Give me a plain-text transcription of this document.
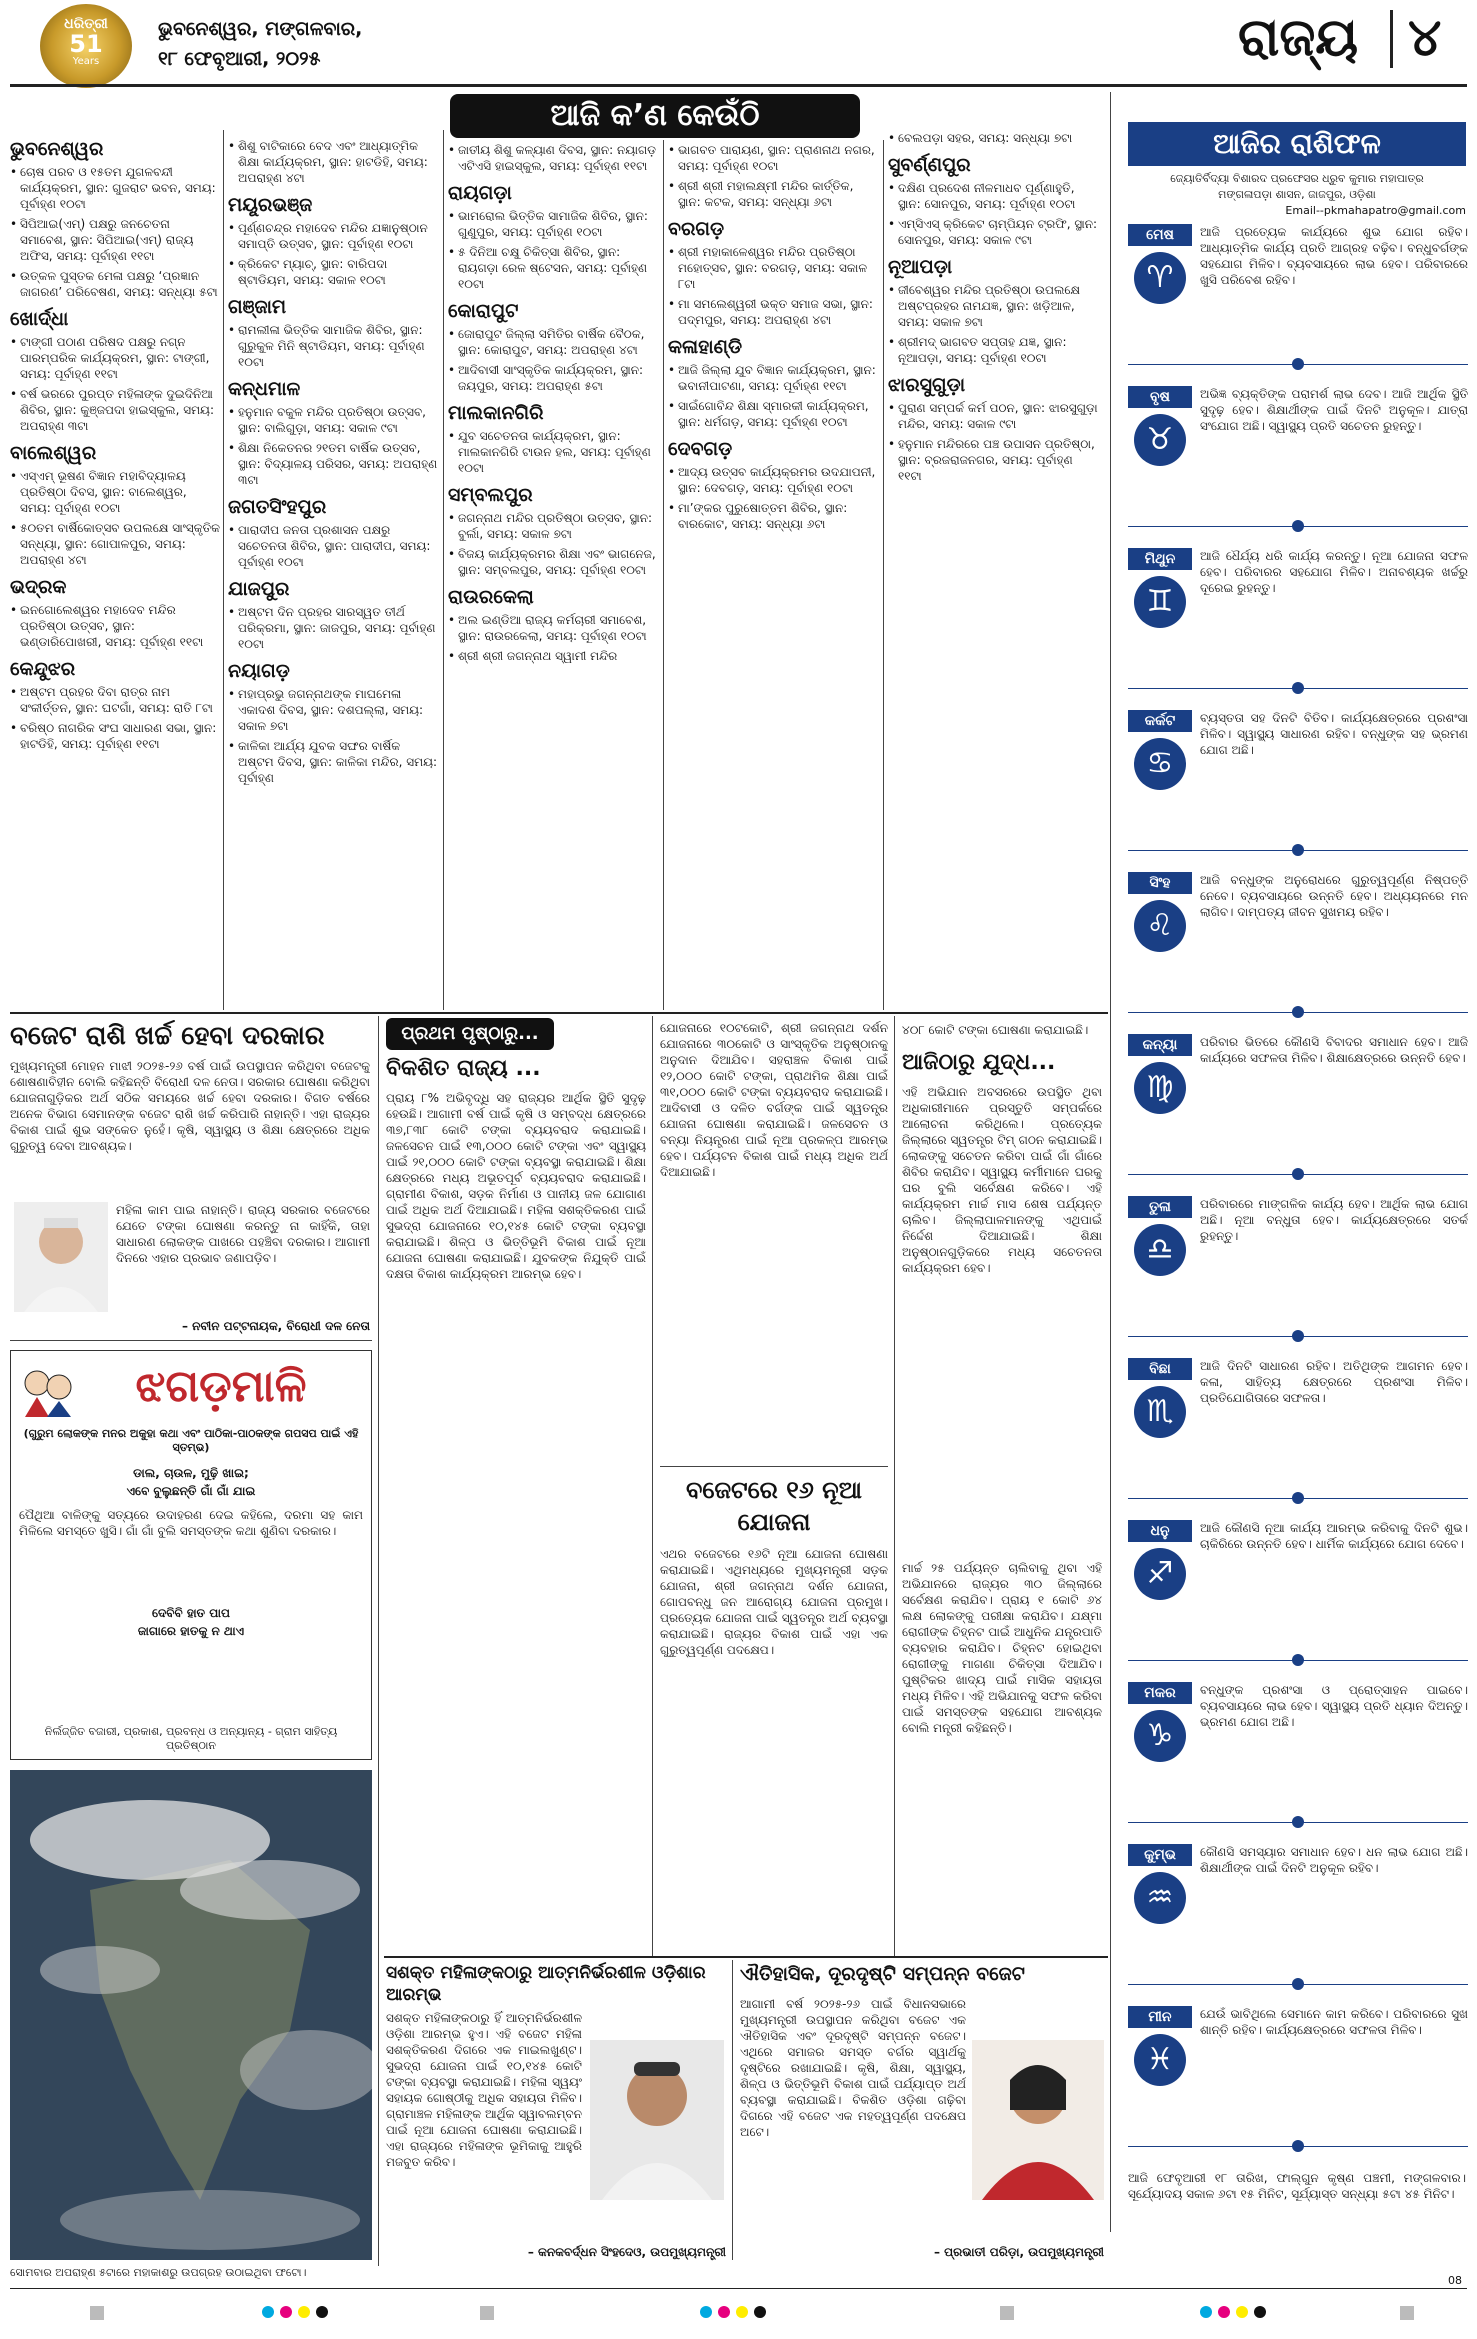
ଧରିତ୍ରୀ
51
Years
ଭୁବନେଶ୍ୱର, ମଙ୍ଗଳବାର,
୧୮ ଫେବୃଆରୀ, ୨୦୨୫	ରାଜ୍ୟ ୪
ଆଜି କ’ଣ କେଉଁଠି
ଭୁବନେଶ୍ୱର
• ଚୋଷ ପରବ ଓ ୧୫ତମ ଯୁଗଳବନ୍ଦୀ କାର୍ଯ୍ୟକ୍ରମ, ସ୍ଥାନ: ଗୁଜରାଟ ଭବନ, ସମୟ: ପୂର୍ବାହ୍ଣ ୧୦ଟା
• ସିପିଆଇ(ଏମ୍) ପକ୍ଷରୁ ଜନଚେତନା ସମାବେଶ, ସ୍ଥାନ: ସିପିଆଇ(ଏମ୍) ରାଜ୍ୟ ଅଫିସ, ସମୟ: ପୂର୍ବାହ୍ଣ ୧୧ଟା
• ଉତ୍କଳ ପୁସ୍ତକ ମେଳା ପକ୍ଷରୁ ‘ପ୍ରଜ୍ଞାନ ଜାଗରଣ’ ପରିବେଷଣ, ସମୟ: ସନ୍ଧ୍ୟା ୫ଟା
ଖୋର୍ଦ୍ଧା
• ଟାଙ୍ଗୀ ପଠାଣ ପରିଷଦ ପକ୍ଷରୁ ନଗ୍ନ ପାରମ୍ପରିକ କାର୍ଯ୍ୟକ୍ରମ, ସ୍ଥାନ: ଟାଙ୍ଗୀ, ସମୟ: ପୂର୍ବାହ୍ଣ ୧୧ଟା
• ବର୍ଷ ଭରରେ ପୁରପ୍ତ ମହିଳାଙ୍କ ଦୁଇଦିନିଆ ଶିବିର, ସ୍ଥାନ: କୁଞ୍ଜପଦା ହାଇସ୍କୁଲ, ସମୟ: ଅପରାହ୍ଣ ୩ଟା
ବାଲେଶ୍ୱର
• ଏସ୍‌ଏମ୍ ଭୂଷଣ ବିଜ୍ଞାନ ମହାବିଦ୍ୟାଳୟ ପ୍ରତିଷ୍ଠା ଦିବସ, ସ୍ଥାନ: ବାଲେଶ୍ୱର, ସମୟ: ପୂର୍ବାହ୍ଣ ୧୦ଟା
• ୫୦ତମ ବାର୍ଷିକୋତ୍ସବ ଉପଲକ୍ଷେ ସାଂସ୍କୃତିକ ସନ୍ଧ୍ୟା, ସ୍ଥାନ: ଗୋପାଳପୁର, ସମୟ: ଅପରାହ୍ଣ ୪ଟା
ଭଦ୍ରକ
• ଇନଗୋଲେଶ୍ୱର ମହାଦେବ ମନ୍ଦିର ପ୍ରତିଷ୍ଠା ଉତ୍ସବ, ସ୍ଥାନ: ଭଣ୍ଡାରିପୋଖରୀ, ସମୟ: ପୂର୍ବାହ୍ଣ ୧୧ଟା
କେନ୍ଦୁଝର
• ଅଷ୍ଟମ ପ୍ରହର ଦିବା ରାତ୍ର ନାମ ସଂକୀର୍ତ୍ତନ, ସ୍ଥାନ: ଘଟଗାଁ, ସମୟ: ରାତି ୮ଟା
• ବରିଷ୍ଠ ନାଗରିକ ସଂଘ ସାଧାରଣ ସଭା, ସ୍ଥାନ: ହାଟଡିହି, ସମୟ: ପୂର୍ବାହ୍ଣ ୧୧ଟା
• ଶିଶୁ ବାଟିକାରେ ବେଦ ଏବଂ ଆଧ୍ୟାତ୍ମିକ ଶିକ୍ଷା କାର୍ଯ୍ୟକ୍ରମ, ସ୍ଥାନ: ହାଟଡିହି, ସମୟ: ଅପରାହ୍ଣ ୪ଟା
ମୟୂରଭଞ୍ଜ
• ପୂର୍ଣ୍ଣଚନ୍ଦ୍ର ମହାଦେବ ମନ୍ଦିର ଯଜ୍ଞାନୁଷ୍ଠାନ ସମାପ୍ତି ଉତ୍ସବ, ସ୍ଥାନ: ପୂର୍ବାହ୍ଣ ୧୦ଟା
• କ୍ରିକେଟ ମ୍ୟାଚ୍, ସ୍ଥାନ: ବାରିପଦା ଷ୍ଟାଡିୟମ, ସମୟ: ସକାଳ ୧୦ଟା
ଗଞ୍ଜାମ
• ରାମଲୀଳା ଭିତ୍ତିକ ସାମାଜିକ ଶିବିର, ସ୍ଥାନ: ଗୁରୁକୁଳ ମିନି ଷ୍ଟାଡିୟମ, ସମୟ: ପୂର୍ବାହ୍ଣ ୧୦ଟା
କନ୍ଧମାଳ
• ହନୁମାନ ବକୁଳ ମନ୍ଦିର ପ୍ରତିଷ୍ଠା ଉତ୍ସବ, ସ୍ଥାନ: ବାଲିଗୁଡ଼ା, ସମୟ: ସକାଳ ୯ଟା
• ଶିକ୍ଷା ନିକେତନର ୨୧ତମ ବାର୍ଷିକ ଉତ୍ସବ, ସ୍ଥାନ: ବିଦ୍ୟାଳୟ ପରିସର, ସମୟ: ଅପରାହ୍ଣ ୩ଟା
ଜଗତସିଂହପୁର
• ପାରାଦୀପ ଜନତା ପ୍ରଶାସନ ପକ୍ଷରୁ ସଚେତନତା ଶିବିର, ସ୍ଥାନ: ପାରାଦୀପ, ସମୟ: ପୂର୍ବାହ୍ଣ ୧୦ଟା
ଯାଜପୁର
• ଅଷ୍ଟମ ଦିନ ପ୍ରହର ସାରସ୍ୱତ ତୀର୍ଥ ପରିକ୍ରମା, ସ୍ଥାନ: ଜାଜପୁର, ସମୟ: ପୂର୍ବାହ୍ଣ ୧୦ଟା
ନୟାଗଡ଼
• ମହାପ୍ରଭୁ ଜଗନ୍ନାଥଙ୍କ ମାଘମେଳା ଏକାଦଶ ଦିବସ, ସ୍ଥାନ: ଦଶପଲ୍ଲା, ସମୟ: ସକାଳ ୭ଟା
• କାଳିକା ଆର୍ଯ୍ୟ ଯୁବକ ସଙ୍ଘର ବାର୍ଷିକ ଅଷ୍ଟମ ଦିବସ, ସ୍ଥାନ: କାଳିକା ମନ୍ଦିର, ସମୟ: ପୂର୍ବାହ୍ଣ
• ଜାତୀୟ ଶିଶୁ କଳ୍ୟାଣ ଦିବସ, ସ୍ଥାନ: ନୟାଗଡ଼ ଏଟିଏସି ହାଇସ୍କୁଲ, ସମୟ: ପୂର୍ବାହ୍ଣ ୧୧ଟା
ରାୟଗଡ଼ା
• ଭାମରୋଲ ଭିତ୍ତିକ ସାମାଜିକ ଶିବିର, ସ୍ଥାନ: ଗୁଣୁପୁର, ସମୟ: ପୂର୍ବାହ୍ଣ ୧୦ଟା
• ୫ ଦିନିଆ ଚକ୍ଷୁ ଚିକିତ୍ସା ଶିବିର, ସ୍ଥାନ: ରାୟଗଡ଼ା ରେଳ ଷ୍ଟେସନ, ସମୟ: ପୂର୍ବାହ୍ଣ ୧୦ଟା
କୋରାପୁଟ
• ଜୋରାପୁଟ ଜିଲ୍ଲା ସମିତିର ବାର୍ଷିକ ବୈଠକ, ସ୍ଥାନ: କୋରାପୁଟ, ସମୟ: ଅପରାହ୍ଣ ୪ଟା
• ଆଦିବାସୀ ସାଂସ୍କୃତିକ କାର୍ଯ୍ୟକ୍ରମ, ସ୍ଥାନ: ଜୟପୁର, ସମୟ: ଅପରାହ୍ଣ ୫ଟା
ମାଲକାନଗିରି
• ଯୁବ ସଚେତନତା କାର୍ଯ୍ୟକ୍ରମ, ସ୍ଥାନ: ମାଲକାନଗିରି ଟାଉନ ହଲ, ସମୟ: ପୂର୍ବାହ୍ଣ ୧୦ଟା
ସମ୍ବଲପୁର
• ଜଗନ୍ନାଥ ମନ୍ଦିର ପ୍ରତିଷ୍ଠା ଉତ୍ସବ, ସ୍ଥାନ: ବୁର୍ଲା, ସମୟ: ସକାଳ ୭ଟା
• ବିଜୟ କାର୍ଯ୍ୟକ୍ରମର ଶିକ୍ଷା ଏବଂ ଭାଗନେଜ, ସ୍ଥାନ: ସମ୍ବଲପୁର, ସମୟ: ପୂର୍ବାହ୍ଣ ୧୦ଟା
ରାଉରକେଲା
• ଅଲ ଇଣ୍ଡିଆ ରାଜ୍ୟ କର୍ମଚାରୀ ସମାବେଶ, ସ୍ଥାନ: ରାଉରକେଲା, ସମୟ: ପୂର୍ବାହ୍ଣ ୧୦ଟା
• ଶ୍ରୀ ଶ୍ରୀ ଜଗନ୍ନାଥ ସ୍ୱାମୀ ମନ୍ଦିର
• ଭାଗବତ ପାରାୟଣ, ସ୍ଥାନ: ପ୍ରାଣନାଥ ନଗର, ସମୟ: ପୂର୍ବାହ୍ଣ ୧୦ଟା
• ଶ୍ରୀ ଶ୍ରୀ ମହାଲକ୍ଷ୍ମୀ ମନ୍ଦିର କାର୍ତ୍ତିକ, ସ୍ଥାନ: କଟକ, ସମୟ: ସନ୍ଧ୍ୟା ୬ଟା
ବରଗଡ଼
• ଶ୍ରୀ ମହାକାଳେଶ୍ୱର ମନ୍ଦିର ପ୍ରତିଷ୍ଠା ମହୋତ୍ସବ, ସ୍ଥାନ: ବରଗଡ଼, ସମୟ: ସକାଳ ୮ଟା
• ମା ସମଲେଶ୍ୱରୀ ଭକ୍ତ ସମାଜ ସଭା, ସ୍ଥାନ: ପଦ୍ମପୁର, ସମୟ: ଅପରାହ୍ଣ ୪ଟା
କଳାହାଣ୍ଡି
• ଆଜି ଜିଲ୍ଲା ଯୁବ ବିଜ୍ଞାନ କାର୍ଯ୍ୟକ୍ରମ, ସ୍ଥାନ: ଭବାନୀପାଟଣା, ସମୟ: ପୂର୍ବାହ୍ଣ ୧୧ଟା
• ସାଇଁଗୋବିନ୍ଦ ଶିକ୍ଷା ସ୍ମାରକୀ କାର୍ଯ୍ୟକ୍ରମ, ସ୍ଥାନ: ଧର୍ମଗଡ଼, ସମୟ: ପୂର୍ବାହ୍ଣ ୧୦ଟା
ଦେବଗଡ଼
• ଆଦ୍ୟ ଉତ୍ସବ କାର୍ଯ୍ୟକ୍ରମର ଉଦଯାପନୀ, ସ୍ଥାନ: ଦେବଗଡ଼, ସମୟ: ପୂର୍ବାହ୍ଣ ୧୦ଟା
• ମା’ଙ୍କର ପୁରୁଷୋତ୍ତମ ଶିବିର, ସ୍ଥାନ: ବାରକୋଟ, ସମୟ: ସନ୍ଧ୍ୟା ୬ଟା
• ବେଲପଡ଼ା ସହର, ସମୟ: ସନ୍ଧ୍ୟା ୭ଟା
ସୁବର୍ଣ୍ଣପୁର
• ଦକ୍ଷିଣ ପ୍ରଦେଶ ନୀଳମାଧବ ପୂର୍ଣ୍ଣାହୁତି, ସ୍ଥାନ: ସୋନପୁର, ସମୟ: ପୂର୍ବାହ୍ଣ ୧୦ଟା
• ଏମ୍‌ସିଏସ୍ କ୍ରିକେଟ ଚାମ୍ପିୟନ ଟ୍ରଫି, ସ୍ଥାନ: ସୋନପୁର, ସମୟ: ସକାଳ ୯ଟା
ନୂଆପଡ଼ା
• ଜୀବେଶ୍ୱର ମନ୍ଦିର ପ୍ରତିଷ୍ଠା ଉପଲକ୍ଷେ ଅଷ୍ଟପ୍ରହର ନାମଯଜ୍ଞ, ସ୍ଥାନ: ଖଡ଼ିଆଳ, ସମୟ: ସକାଳ ୭ଟା
• ଶ୍ରୀମଦ୍ ଭାଗବତ ସପ୍ତାହ ଯଜ୍ଞ, ସ୍ଥାନ: ନୂଆପଡ଼ା, ସମୟ: ପୂର୍ବାହ୍ଣ ୧୦ଟା
ଝାରସୁଗୁଡ଼ା
• ପୁରାଣ ସମ୍ପର୍କ କର୍ମ ପଠନ, ସ୍ଥାନ: ଝାରସୁଗୁଡ଼ା ମନ୍ଦିର, ସମୟ: ସକାଳ ୯ଟା
• ହନୁମାନ ମନ୍ଦିରରେ ପଞ୍ଚ ଉପାସନ ପ୍ରତିଷ୍ଠା, ସ୍ଥାନ: ବ୍ରଜରାଜନଗର, ସମୟ: ପୂର୍ବାହ୍ଣ ୧୧ଟା
ଆଜିର ରାଶିଫଳ
ଜ୍ୟୋତିର୍ବିଦ୍ୟା ବିଶାରଦ ପ୍ରଫେସର ଧ୍ରୁବ କୁମାର ମହାପାତ୍ର
ମଙ୍ଗଳାପଡ଼ା ଶାସନ, ଜାଜପୁର, ଓଡ଼ିଶା
Email--pkmahapatro@gmail.com
ମେଷ
♈
ଆଜି ପ୍ରତ୍ୟେକ କାର୍ଯ୍ୟରେ ଶୁଭ ଯୋଗ ରହିବ। ଆଧ୍ୟାତ୍ମିକ କାର୍ଯ୍ୟ ପ୍ରତି ଆଗ୍ରହ ବଢ଼ିବ। ବନ୍ଧୁବର୍ଗଙ୍କ ସହଯୋଗ ମିଳିବ। ବ୍ୟବସାୟରେ ଲାଭ ହେବ। ପରିବାରରେ ଖୁସି ପରିବେଶ ରହିବ।
ବୃଷ
♉
ଅଭିଜ୍ଞ ବ୍ୟକ୍ତିଙ୍କ ପରାମର୍ଶ ଲାଭ ଦେବ। ଆଜି ଆର୍ଥିକ ସ୍ଥିତି ସୁଦୃଢ଼ ହେବ। ଶିକ୍ଷାର୍ଥୀଙ୍କ ପାଇଁ ଦିନଟି ଅନୁକୂଳ। ଯାତ୍ରା ସଂଯୋଗ ଅଛି। ସ୍ୱାସ୍ଥ୍ୟ ପ୍ରତି ସଚେତନ ରୁହନ୍ତୁ।
ମିଥୁନ
♊
ଆଜି ଧୈର୍ଯ୍ୟ ଧରି କାର୍ଯ୍ୟ କରନ୍ତୁ। ନୂଆ ଯୋଜନା ସଫଳ ହେବ। ପରିବାରର ସହଯୋଗ ମିଳିବ। ଅନାବଶ୍ୟକ ଖର୍ଚ୍ଚରୁ ଦୂରେଇ ରୁହନ୍ତୁ।
କର୍କଟ
♋
ବ୍ୟସ୍ତତା ସହ ଦିନଟି ବିତିବ। କାର୍ଯ୍ୟକ୍ଷେତ୍ରରେ ପ୍ରଶଂସା ମିଳିବ। ସ୍ୱାସ୍ଥ୍ୟ ସାଧାରଣ ରହିବ। ବନ୍ଧୁଙ୍କ ସହ ଭ୍ରମଣ ଯୋଗ ଅଛି।
ସିଂହ
♌
ଆଜି ବନ୍ଧୁଙ୍କ ଅନୁରୋଧରେ ଗୁରୁତ୍ୱପୂର୍ଣ୍ଣ ନିଷ୍ପତ୍ତି ନେବେ। ବ୍ୟବସାୟରେ ଉନ୍ନତି ହେବ। ଅଧ୍ୟୟନରେ ମନ ଲାଗିବ। ଦାମ୍ପତ୍ୟ ଜୀବନ ସୁଖମୟ ରହିବ।
କନ୍ୟା
♍
ପରିବାର ଭିତରେ କୌଣସି ବିବାଦର ସମାଧାନ ହେବ। ଆଜି କାର୍ଯ୍ୟରେ ସଫଳତା ମିଳିବ। ଶିକ୍ଷାକ୍ଷେତ୍ରରେ ଉନ୍ନତି ହେବ।
ତୁଳା
♎
ପରିବାରରେ ମାଙ୍ଗଳିକ କାର୍ଯ୍ୟ ହେବ। ଆର୍ଥିକ ଲାଭ ଯୋଗ ଅଛି। ନୂଆ ବନ୍ଧୁତା ହେବ। କାର୍ଯ୍ୟକ୍ଷେତ୍ରରେ ସତର୍କ ରୁହନ୍ତୁ।
ବିଛା
♏
ଆଜି ଦିନଟି ସାଧାରଣ ରହିବ। ଅତିଥିଙ୍କ ଆଗମନ ହେବ। କଳା, ସାହିତ୍ୟ କ୍ଷେତ୍ରରେ ପ୍ରଶଂସା ମିଳିବ। ପ୍ରତିଯୋଗିତାରେ ସଫଳତା।
ଧନୁ
♐
ଆଜି କୌଣସି ନୂଆ କାର୍ଯ୍ୟ ଆରମ୍ଭ କରିବାକୁ ଦିନଟି ଶୁଭ। ଚାକିରିରେ ଉନ୍ନତି ହେବ। ଧାର୍ମିକ କାର୍ଯ୍ୟରେ ଯୋଗ ଦେବେ।
ମକର
♑
ବନ୍ଧୁଙ୍କ ପ୍ରଶଂସା ଓ ପ୍ରୋତ୍ସାହନ ପାଇବେ। ବ୍ୟବସାୟରେ ଲାଭ ହେବ। ସ୍ୱାସ୍ଥ୍ୟ ପ୍ରତି ଧ୍ୟାନ ଦିଅନ୍ତୁ। ଭ୍ରମଣ ଯୋଗ ଅଛି।
କୁମ୍ଭ
♒
କୌଣସି ସମସ୍ୟାର ସମାଧାନ ହେବ। ଧନ ଲାଭ ଯୋଗ ଅଛି। ଶିକ୍ଷାର୍ଥୀଙ୍କ ପାଇଁ ଦିନଟି ଅନୁକୂଳ ରହିବ।
ମୀନ
♓
ଯେଉଁ ଭାବିଥିଲେ ସେମାନେ କାମ କରିବେ। ପରିବାରରେ ସୁଖ ଶାନ୍ତି ରହିବ। କାର୍ଯ୍ୟକ୍ଷେତ୍ରରେ ସଫଳତା ମିଳିବ।
ଆଜି ଫେବୃଆରୀ ୧୮ ତାରିଖ, ଫାଲ୍ଗୁନ କୃଷ୍ଣ ପଞ୍ଚମୀ, ମଙ୍ଗଳବାର। ସୂର୍ଯ୍ୟୋଦୟ ସକାଳ ୬ଟା ୧୫ ମିନିଟ, ସୂର୍ଯ୍ୟାସ୍ତ ସନ୍ଧ୍ୟା ୫ଟା ୪୫ ମିନିଟ।
ବଜେଟ ରାଶି ଖର୍ଚ୍ଚ ହେବା ଦରକାର
ମୁଖ୍ୟମନ୍ତ୍ରୀ ମୋହନ ମାଝୀ ୨୦୨୫-୨୬ ବର୍ଷ ପାଇଁ ଉପସ୍ଥାପନ କରିଥିବା ବଜେଟକୁ ଶୋଷଣାବିହୀନ ବୋଲି କହିଛନ୍ତି ବିରୋଧୀ ଦଳ ନେତା। ସରକାର ଘୋଷଣା କରିଥିବା ଯୋଜନାଗୁଡ଼ିକର ଅର୍ଥ ସଠିକ ସମୟରେ ଖର୍ଚ୍ଚ ହେବା ଦରକାର। ବିଗତ ବର୍ଷରେ ଅନେକ ବିଭାଗ ସେମାନଙ୍କ ବଜେଟ ରାଶି ଖର୍ଚ୍ଚ କରିପାରି ନାହାନ୍ତି। ଏହା ରାଜ୍ୟର ବିକାଶ ପାଇଁ ଶୁଭ ସଙ୍କେତ ନୁହେଁ। କୃଷି, ସ୍ୱାସ୍ଥ୍ୟ ଓ ଶିକ୍ଷା କ୍ଷେତ୍ରରେ ଅଧିକ ଗୁରୁତ୍ୱ ଦେବା ଆବଶ୍ୟକ।
ମହିଳା କାମ ପାଇ ନାହାନ୍ତି। ରାଜ୍ୟ ସରକାର ବଜେଟରେ ଯେତେ ଟଙ୍କା ଘୋଷଣା କରନ୍ତୁ ନା କାହିଁକି, ତାହା ସାଧାରଣ ଲୋକଙ୍କ ପାଖରେ ପହଞ୍ଚିବା ଦରକାର। ଆଗାମୀ ଦିନରେ ଏହାର ପ୍ରଭାବ ଜଣାପଡ଼ିବ।
– ନବୀନ ପଟ୍ଟନାୟକ, ବିରୋଧୀ ଦଳ ନେତା
ଝଗଡ଼ମାଳି
(ଗୁରୁମ ଲୋକଙ୍କ ମନର ଅକୁହା କଥା ଏବଂ ପାଠିକା-ପାଠକଙ୍କ ଗପସପ ପାଇଁ ଏହି ସ୍ତମ୍ଭ)
ଡାଲ, ଚାଉଳ, ମୁଢ଼ି ଖାଇ;
ଏବେ ବୁଲୁଛନ୍ତି ଗାଁ ଗାଁ ଯାଇ
ପୈଥିଆ ବାଳିଙ୍କୁ ସତ୍ୟରେ ଉଦାହରଣ ଦେଇ କହିଲେ, ଦରମା ସହ କାମ ମିଳିଲେ ସମସ୍ତେ ଖୁସି। ଗାଁ ଗାଁ ବୁଲି ସମସ୍ତଙ୍କ କଥା ଶୁଣିବା ଦରକାର।
ଦେବିବି ହାତ ପାପ
ଜାଗାରେ ହାତକୁ ନ ଥାଏ
ନିର୍ଲଜ୍ଜିତ ବଜାରୀ, ପ୍ରକାଶ, ପ୍ରବନ୍ଧ ଓ ଅନ୍ୟାନ୍ୟ - ଗ୍ରାମ ସାହିତ୍ୟ ପ୍ରତିଷ୍ଠାନ
ସୋମବାର ଅପରାହ୍ଣ ୫ଟାରେ ମହାକାଶରୁ ଉପଗ୍ରହ ଉଠାଇଥିବା ଫଟୋ।
ପ୍ରଥମ ପୃଷ୍ଠାରୁ...
ବିକଶିତ ରାଜ୍ୟ ...
ପ୍ରାୟ ୮% ଅଭିବୃଦ୍ଧି ସହ ରାଜ୍ୟର ଆର୍ଥିକ ସ୍ଥିତି ସୁଦୃଢ଼ ହେଉଛି। ଆଗାମୀ ବର୍ଷ ପାଇଁ କୃଷି ଓ ସମ୍ବଦ୍ଧ କ୍ଷେତ୍ରରେ ୩୭,୮୩୮ କୋଟି ଟଙ୍କା ବ୍ୟୟବରାଦ କରାଯାଇଛି। ଜଳସେଚନ ପାଇଁ ୧୩,୦୦୦ କୋଟି ଟଙ୍କା ଏବଂ ସ୍ୱାସ୍ଥ୍ୟ ପାଇଁ ୨୧,୦୦୦ କୋଟି ଟଙ୍କା ବ୍ୟବସ୍ଥା କରାଯାଇଛି। ଶିକ୍ଷା କ୍ଷେତ୍ରରେ ମଧ୍ୟ ଅଭୂତପୂର୍ବ ବ୍ୟୟବରାଦ କରାଯାଇଛି। ଗ୍ରାମୀଣ ବିକାଶ, ସଡ଼କ ନିର୍ମାଣ ଓ ପାନୀୟ ଜଳ ଯୋଗାଣ ପାଇଁ ଅଧିକ ଅର୍ଥ ଦିଆଯାଇଛି। ମହିଳା ସଶକ୍ତିକରଣ ପାଇଁ ସୁଭଦ୍ରା ଯୋଜନାରେ ୧୦,୧୪୫ କୋଟି ଟଙ୍କା ବ୍ୟବସ୍ଥା କରାଯାଇଛି। ଶିଳ୍ପ ଓ ଭିତ୍ତିଭୂମି ବିକାଶ ପାଇଁ ନୂଆ ଯୋଜନା ଘୋଷଣା କରାଯାଇଛି। ଯୁବକଙ୍କ ନିଯୁକ୍ତି ପାଇଁ ଦକ୍ଷତା ବିକାଶ କାର୍ଯ୍ୟକ୍ରମ ଆରମ୍ଭ ହେବ।
ଯୋଜନାରେ ୧୦ଟକୋଟି, ଶ୍ରୀ ଜଗନ୍ନାଥ ଦର୍ଶନ ଯୋଜନାରେ ୩୦କୋଟି ଓ ସାଂସ୍କୃତିକ ଅନୁଷ୍ଠାନକୁ ଅନୁଦାନ ଦିଆଯିବ। ସହରାଞ୍ଚଳ ବିକାଶ ପାଇଁ ୧୨,୦୦୦ କୋଟି ଟଙ୍କା, ପ୍ରାଥମିକ ଶିକ୍ଷା ପାଇଁ ୩୧,୦୦୦ କୋଟି ଟଙ୍କା ବ୍ୟୟବରାଦ କରାଯାଇଛି। ଆଦିବାସୀ ଓ ଦଳିତ ବର୍ଗଙ୍କ ପାଇଁ ସ୍ୱତନ୍ତ୍ର ଯୋଜନା ଘୋଷଣା କରାଯାଇଛି। ଜଳସେଚନ ଓ ବନ୍ୟା ନିୟନ୍ତ୍ରଣ ପାଇଁ ନୂଆ ପ୍ରକଳ୍ପ ଆରମ୍ଭ ହେବ। ପର୍ଯ୍ୟଟନ ବିକାଶ ପାଇଁ ମଧ୍ୟ ଅଧିକ ଅର୍ଥ ଦିଆଯାଇଛି।
ବଜେଟରେ ୧୬ ନୂଆ ଯୋଜନା
ଏଥର ବଜେଟରେ ୧୬ଟି ନୂଆ ଯୋଜନା ଘୋଷଣା କରାଯାଇଛି। ଏଥିମଧ୍ୟରେ ମୁଖ୍ୟମନ୍ତ୍ରୀ ସଡ଼କ ଯୋଜନା, ଶ୍ରୀ ଜଗନ୍ନାଥ ଦର୍ଶନ ଯୋଜନା, ଗୋପବନ୍ଧୁ ଜନ ଆରୋଗ୍ୟ ଯୋଜନା ପ୍ରମୁଖ। ପ୍ରତ୍ୟେକ ଯୋଜନା ପାଇଁ ସ୍ୱତନ୍ତ୍ର ଅର୍ଥ ବ୍ୟବସ୍ଥା କରାଯାଇଛି। ରାଜ୍ୟର ବିକାଶ ପାଇଁ ଏହା ଏକ ଗୁରୁତ୍ୱପୂର୍ଣ୍ଣ ପଦକ୍ଷେପ।
୪୦୮ କୋଟି ଟଙ୍କା ଘୋଷଣା କରାଯାଇଛି।
ଆଜିଠାରୁ ଯୁଦ୍ଧ...
ଏହି ଅଭିଯାନ ଅବସରରେ ଉପସ୍ଥିତ ଥିବା ଅଧିକାରୀମାନେ ପ୍ରସ୍ତୁତି ସମ୍ପର୍କରେ ଆଲୋଚନା କରିଥିଲେ। ପ୍ରତ୍ୟେକ ଜିଲ୍ଲାରେ ସ୍ୱତନ୍ତ୍ର ଟିମ୍ ଗଠନ କରାଯାଇଛି। ଲୋକଙ୍କୁ ସଚେତନ କରିବା ପାଇଁ ଗାଁ ଗାଁରେ ଶିବିର କରାଯିବ। ସ୍ୱାସ୍ଥ୍ୟ କର୍ମୀମାନେ ଘରକୁ ଘର ବୁଲି ସର୍ବେକ୍ଷଣ କରିବେ। ଏହି କାର୍ଯ୍ୟକ୍ରମ ମାର୍ଚ୍ଚ ମାସ ଶେଷ ପର୍ଯ୍ୟନ୍ତ ଚାଲିବ। ଜିଲ୍ଲାପାଳମାନଙ୍କୁ ଏଥିପାଇଁ ନିର୍ଦ୍ଦେଶ ଦିଆଯାଇଛି। ଶିକ୍ଷା ଅନୁଷ୍ଠାନଗୁଡ଼ିକରେ ମଧ୍ୟ ସଚେତନତା କାର୍ଯ୍ୟକ୍ରମ ହେବ।
ମାର୍ଚ୍ଚ ୨୫ ପର୍ଯ୍ୟନ୍ତ ଚାଲିବାକୁ ଥିବା ଏହି ଅଭିଯାନରେ ରାଜ୍ୟର ୩୦ ଜିଲ୍ଲାରେ ସର୍ବେକ୍ଷଣ କରାଯିବ। ପ୍ରାୟ ୧ କୋଟି ୬୪ ଲକ୍ଷ ଲୋକଙ୍କୁ ପରୀକ୍ଷା କରାଯିବ। ଯକ୍ଷ୍ମା ରୋଗୀଙ୍କ ଚିହ୍ନଟ ପାଇଁ ଆଧୁନିକ ଯନ୍ତ୍ରପାତି ବ୍ୟବହାର କରାଯିବ। ଚିହ୍ନଟ ହୋଇଥିବା ରୋଗୀଙ୍କୁ ମାଗଣା ଚିକିତ୍ସା ଦିଆଯିବ। ପୁଷ୍ଟିକର ଖାଦ୍ୟ ପାଇଁ ମାସିକ ସହାୟତା ମଧ୍ୟ ମିଳିବ। ଏହି ଅଭିଯାନକୁ ସଫଳ କରିବା ପାଇଁ ସମସ୍ତଙ୍କ ସହଯୋଗ ଆବଶ୍ୟକ ବୋଲି ମନ୍ତ୍ରୀ କହିଛନ୍ତି।
ସଶକ୍ତ ମହିଳାଙ୍କଠାରୁ ଆତ୍ମନିର୍ଭରଶୀଳ ଓଡ଼ିଶାର ଆରମ୍ଭ
ସଶକ୍ତ ମହିଳାଙ୍କଠାରୁ ହିଁ ଆତ୍ମନିର୍ଭରଶୀଳ ଓଡ଼ିଶା ଆରମ୍ଭ ହୁଏ। ଏହି ବଜେଟ ମହିଳା ସଶକ୍ତିକରଣ ଦିଗରେ ଏକ ମାଇଲଖୁଣ୍ଟ। ସୁଭଦ୍ରା ଯୋଜନା ପାଇଁ ୧୦,୧୪୫ କୋଟି ଟଙ୍କା ବ୍ୟବସ୍ଥା କରାଯାଇଛି। ମହିଳା ସ୍ୱୟଂ ସହାୟକ ଗୋଷ୍ଠୀକୁ ଅଧିକ ସହାୟତା ମିଳିବ। ଗ୍ରାମାଞ୍ଚଳ ମହିଳାଙ୍କ ଆର୍ଥିକ ସ୍ୱାବଲମ୍ବନ ପାଇଁ ନୂଆ ଯୋଜନା ଘୋଷଣା କରାଯାଇଛି। ଏହା ରାଜ୍ୟରେ ମହିଳାଙ୍କ ଭୂମିକାକୁ ଆହୁରି ମଜବୁତ କରିବ।
– କନକବର୍ଦ୍ଧନ ସିଂହଦେଓ, ଉପମୁଖ୍ୟମନ୍ତ୍ରୀ
ଐତିହାସିକ, ଦୂରଦୃଷ୍ଟି ସମ୍ପନ୍ନ ବଜେଟ
ଆଗାମୀ ବର୍ଷ ୨୦୨୫-୨୬ ପାଇଁ ବିଧାନସଭାରେ ମୁଖ୍ୟମନ୍ତ୍ରୀ ଉପସ୍ଥାପନ କରିଥିବା ବଜେଟ ଏକ ଐତିହାସିକ ଏବଂ ଦୂରଦୃଷ୍ଟି ସମ୍ପନ୍ନ ବଜେଟ। ଏଥିରେ ସମାଜର ସମସ୍ତ ବର୍ଗର ସ୍ୱାର୍ଥକୁ ଦୃଷ୍ଟିରେ ରଖାଯାଇଛି। କୃଷି, ଶିକ୍ଷା, ସ୍ୱାସ୍ଥ୍ୟ, ଶିଳ୍ପ ଓ ଭିତ୍ତିଭୂମି ବିକାଶ ପାଇଁ ପର୍ଯ୍ୟାପ୍ତ ଅର୍ଥ ବ୍ୟବସ୍ଥା କରାଯାଇଛି। ବିକଶିତ ଓଡ଼ିଶା ଗଢ଼ିବା ଦିଗରେ ଏହି ବଜେଟ ଏକ ମହତ୍ୱପୂର୍ଣ୍ଣ ପଦକ୍ଷେପ ଅଟେ।
– ପ୍ରଭାତୀ ପରିଡ଼ା, ଉପମୁଖ୍ୟମନ୍ତ୍ରୀ
08
